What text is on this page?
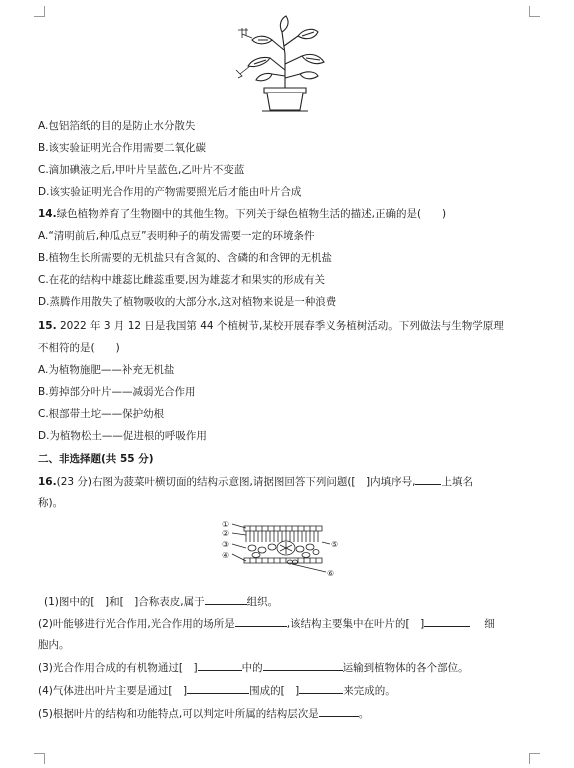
A.包铝箔纸的目的是防止水分散失
B.该实验证明光合作用需要二氧化碳
C.滴加碘液之后,甲叶片呈蓝色,乙叶片不变蓝
D.该实验证明光合作用的产物需要照光后才能由叶片合成
14.绿色植物养育了生物圈中的其他生物。下列关于绿色植物生活的描述,正确的是(　　)
A.“清明前后,种瓜点豆”表明种子的萌发需要一定的环境条件
B.植物生长所需要的无机盐只有含氮的、含磷的和含钾的无机盐
C.在花的结构中雄蕊比雌蕊重要,因为雄蕊才和果实的形成有关
D.蒸腾作用散失了植物吸收的大部分水,这对植物来说是一种浪费
15. 2022 年 3 月 12 日是我国第 44 个植树节,某校开展春季义务植树活动。下列做法与生物学原理
不相符的是(　　)
A.为植物施肥——补充无机盐
B.剪掉部分叶片——减弱光合作用
C.根部带土坨——保护幼根
D.为植物松土——促进根的呼吸作用
二、非选择题(共 55 分)
16.(23 分)右图为菠菜叶横切面的结构示意图,请据图回答下列问题([　]内填序号, 上填名
称)。
①
②
③
④
⑤
⑥
(1)图中的[　]和[　]合称表皮,属于	组织。
(2)叶能够进行光合作用,光合作用的场所是	,该结构主要集中在叶片的[　]	细
胞内。
(3)光合作用合成的有机物通过[　]	中的	运输到植物体的各个部位。
(4)气体进出叶片主要是通过[　]	围成的[　]	来完成的。
(5)根据叶片的结构和功能特点,可以判定叶所属的结构层次是	。
